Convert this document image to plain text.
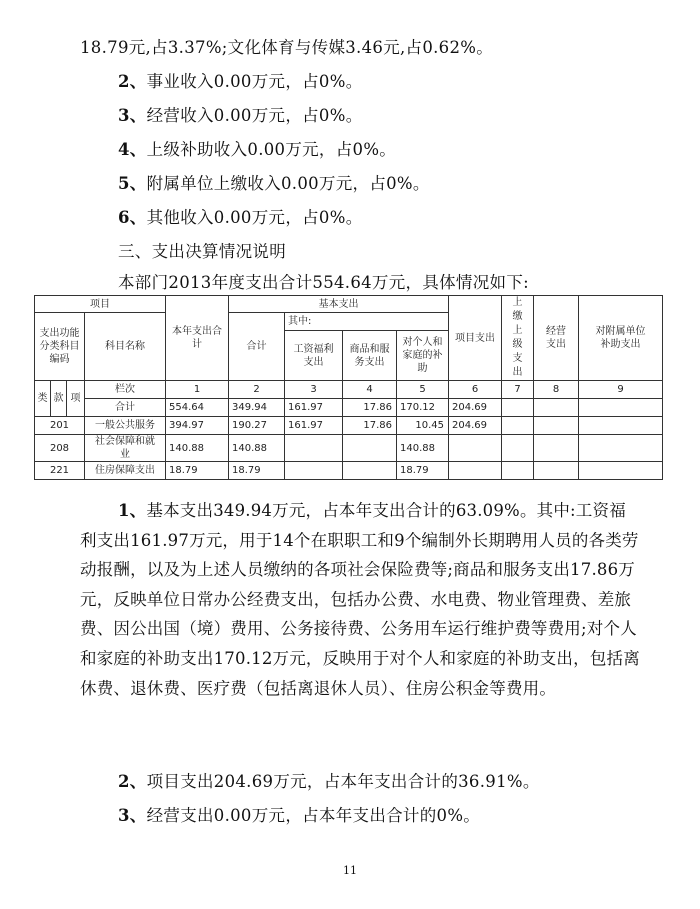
18.79元,占3.37%;文化体育与传媒3.46元,占0.62%。
2、事业收入0.00万元，占0%。
3、经营收入0.00万元，占0%。
4、上级补助收入0.00万元，占0%。
5、附属单位上缴收入0.00万元，占0%。
6、其他收入0.00万元，占0%。
三、支出决算情况说明
本部门2013年度支出合计554.64万元，具体情况如下:
项目				本年支出合计	基本支出				项目支出	上缴上级支出	经营支出	对附属单位补助支出

支出功能分类科目编码			科目名称		合计	其中:						

						工资福利支出	商品和服务支出	对个人和家庭的补助				

类	款	项	栏次	1	2	3	4	5	6	7	8	9
			合计	554.64	349.94	161.97	17.86	170.12	204.69			
201			一般公共服务	394.97	190.27	161.97	17.86	10.45	204.69			
208			社会保障和就业	140.88	140.88			140.88				
221			住房保障支出	18.79	18.79			18.79				
1、基本支出349.94万元，占本年支出合计的63.09%。其中:工资福利支出161.97万元，用于14个在职职工和9个编制外长期聘用人员的各类劳动报酬，以及为上述人员缴纳的各项社会保险费等;商品和服务支出17.86万元，反映单位日常办公经费支出，包括办公费、水电费、物业管理费、差旅费、因公出国（境）费用、公务接待费、公务用车运行维护费等费用;对个人和家庭的补助支出170.12万元，反映用于对个人和家庭的补助支出，包括离休费、退休费、医疗费（包括离退休人员）、住房公积金等费用。
2、项目支出204.69万元，占本年支出合计的36.91%。
3、经营支出0.00万元，占本年支出合计的0%。
11
